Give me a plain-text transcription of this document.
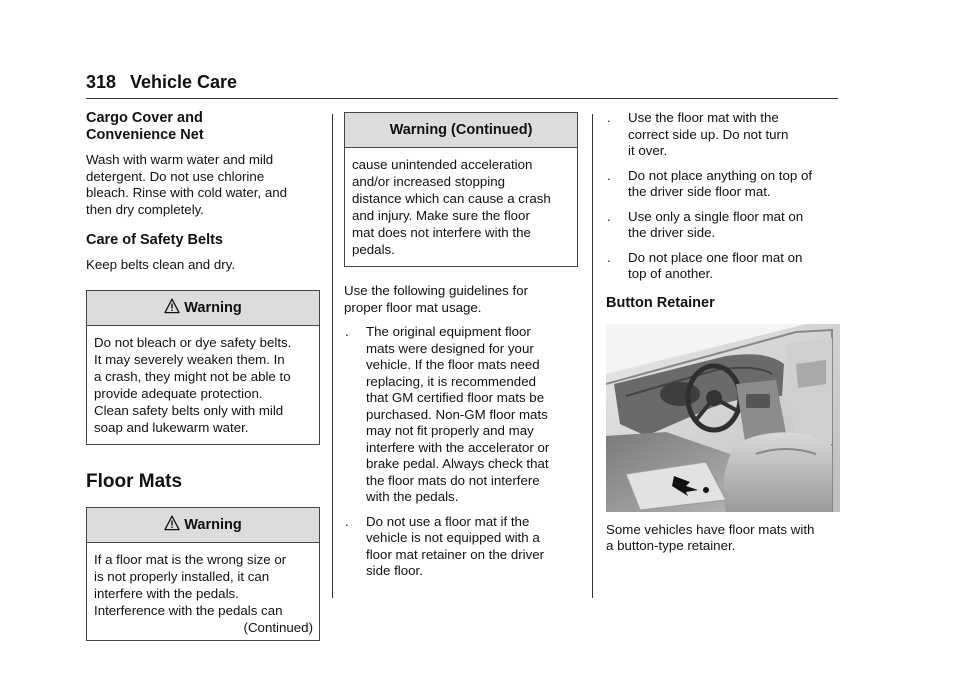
318 Vehicle Care
Cargo Cover and
Convenience Net

Wash with warm water and mild
detergent. Do not use chlorine
bleach. Rinse with cold water, and
then dry completely.

Care of Safety Belts

Keep belts clean and dry.

Warning
Do not bleach or dye safety belts.
It may severely weaken them. In
a crash, they might not be able to
provide adequate protection.
Clean safety belts only with mild
soap and lukewarm water.
Floor Mats
Warning
If a floor mat is the wrong size or
is not properly installed, it can
interfere with the pedals.
Interference with the pedals can
(Continued)
Warning (Continued)
cause unintended acceleration
and/or increased stopping
distance which can cause a crash
and injury. Make sure the floor
mat does not interfere with the
pedals.

Use the following guidelines for
proper floor mat usage.

. The original equipment floor
mats were designed for your
vehicle. If the floor mats need
replacing, it is recommended
that GM certified floor mats be
purchased. Non-GM floor mats
may not fit properly and may
interfere with the accelerator or
brake pedal. Always check that
the floor mats do not interfere
with the pedals.
. Do not use a floor mat if the
vehicle is not equipped with a
floor mat retainer on the driver
side floor.
. Use the floor mat with the
correct side up. Do not turn
it over.
. Do not place anything on top of
the driver side floor mat.
. Use only a single floor mat on
the driver side.
. Do not place one floor mat on
top of another.
Button Retainer

Some vehicles have floor mats with
a button-type retainer.
